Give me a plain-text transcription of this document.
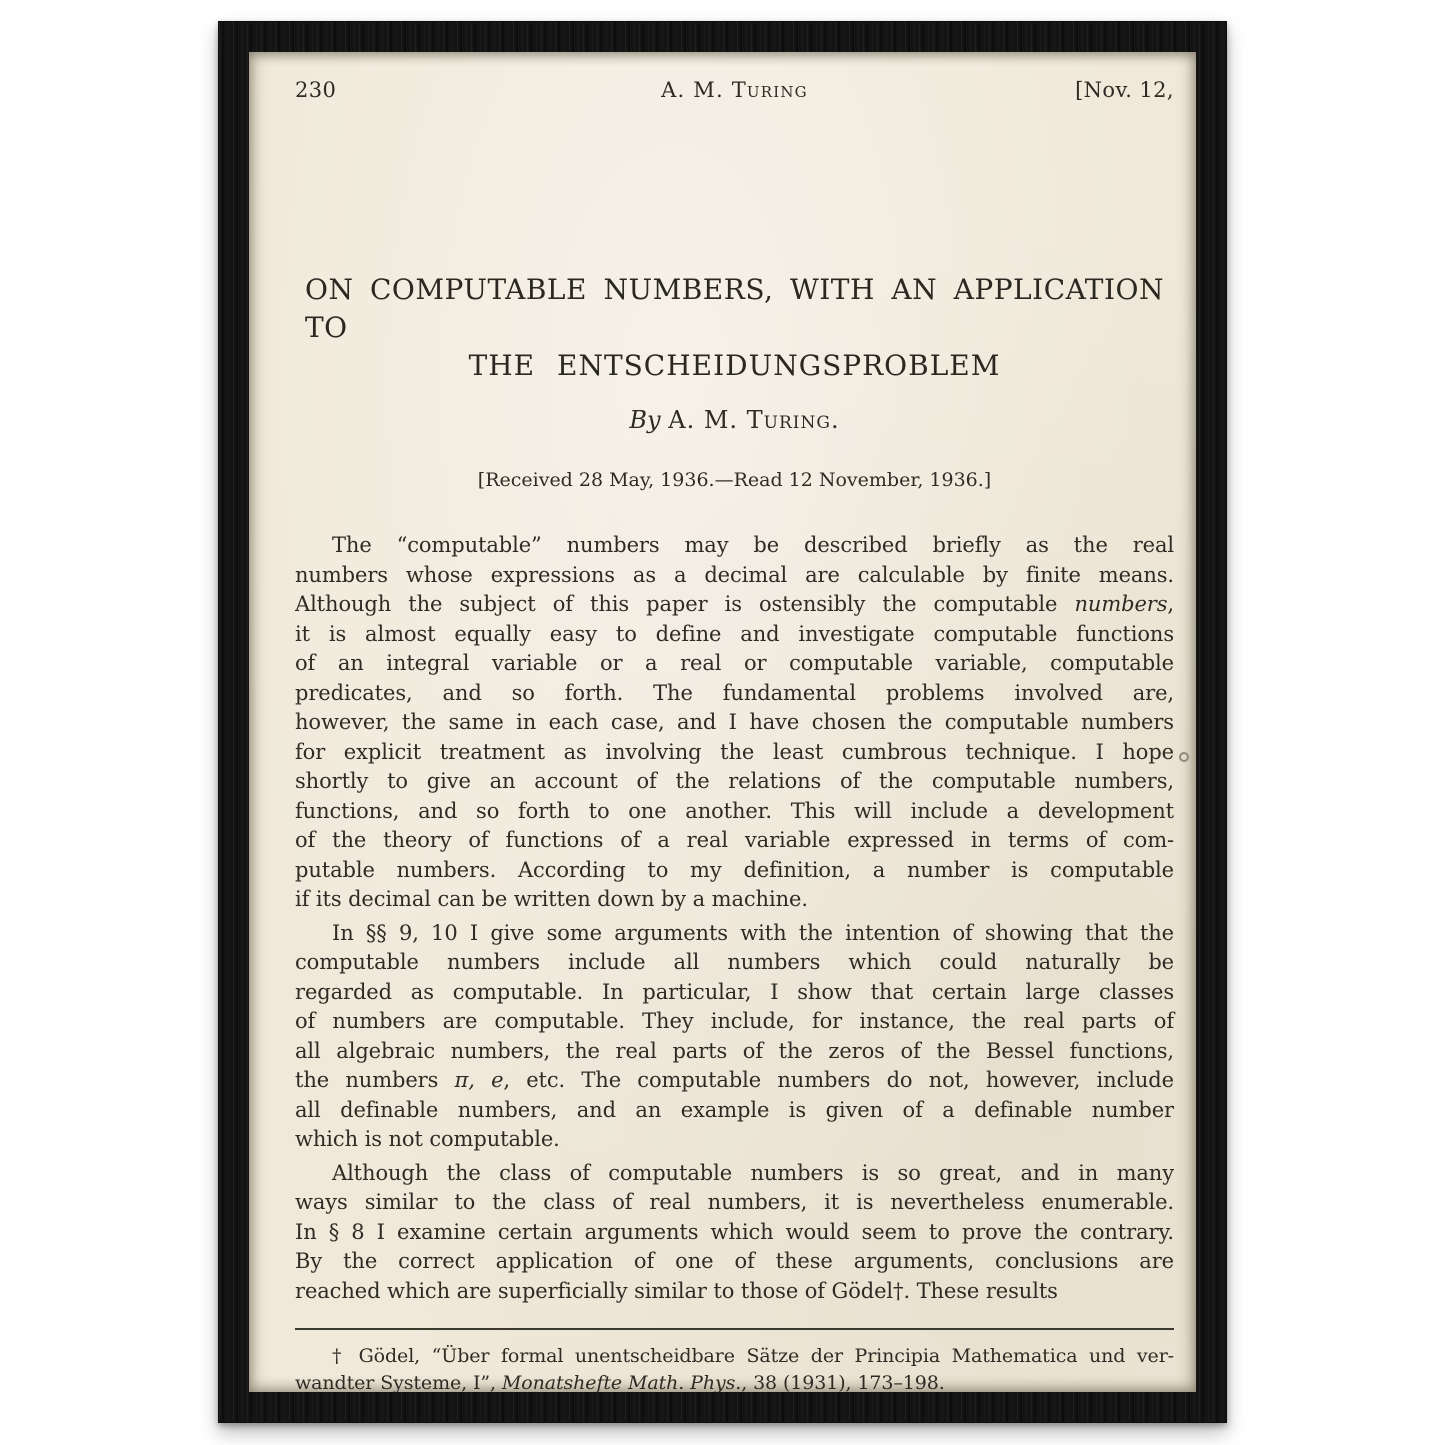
230	A. M. Turing	[Nov. 12,
ON COMPUTABLE NUMBERS, WITH AN APPLICATION TO
THE ENTSCHEIDUNGSPROBLEM
By A. M. Turing.
[Received 28 May, 1936.—Read 12 November, 1936.]
The “computable” numbers may be described briefly as the real
numbers whose expressions as a decimal are calculable by finite means.
Although the subject of this paper is ostensibly the computable numbers,
it is almost equally easy to define and investigate computable functions
of an integral variable or a real or computable variable, computable
predicates, and so forth. The fundamental problems involved are,
however, the same in each case, and I have chosen the computable numbers
for explicit treatment as involving the least cumbrous technique. I hope
shortly to give an account of the relations of the computable numbers,
functions, and so forth to one another. This will include a development
of the theory of functions of a real variable expressed in terms of com-
putable numbers. According to my definition, a number is computable
if its decimal can be written down by a machine.
In §§ 9, 10 I give some arguments with the intention of showing that the
computable numbers include all numbers which could naturally be
regarded as computable. In particular, I show that certain large classes
of numbers are computable. They include, for instance, the real parts of
all algebraic numbers, the real parts of the zeros of the Bessel functions,
the numbers π, e, etc. The computable numbers do not, however, include
all definable numbers, and an example is given of a definable number
which is not computable.
Although the class of computable numbers is so great, and in many
ways similar to the class of real numbers, it is nevertheless enumerable.
In § 8 I examine certain arguments which would seem to prove the contrary.
By the correct application of one of these arguments, conclusions are
reached which are superficially similar to those of Gödel†. These results
† Gödel, “Über formal unentscheidbare Sätze der Principia Mathematica und ver-
wandter Systeme, I”, Monatshefte Math. Phys., 38 (1931), 173–198.
